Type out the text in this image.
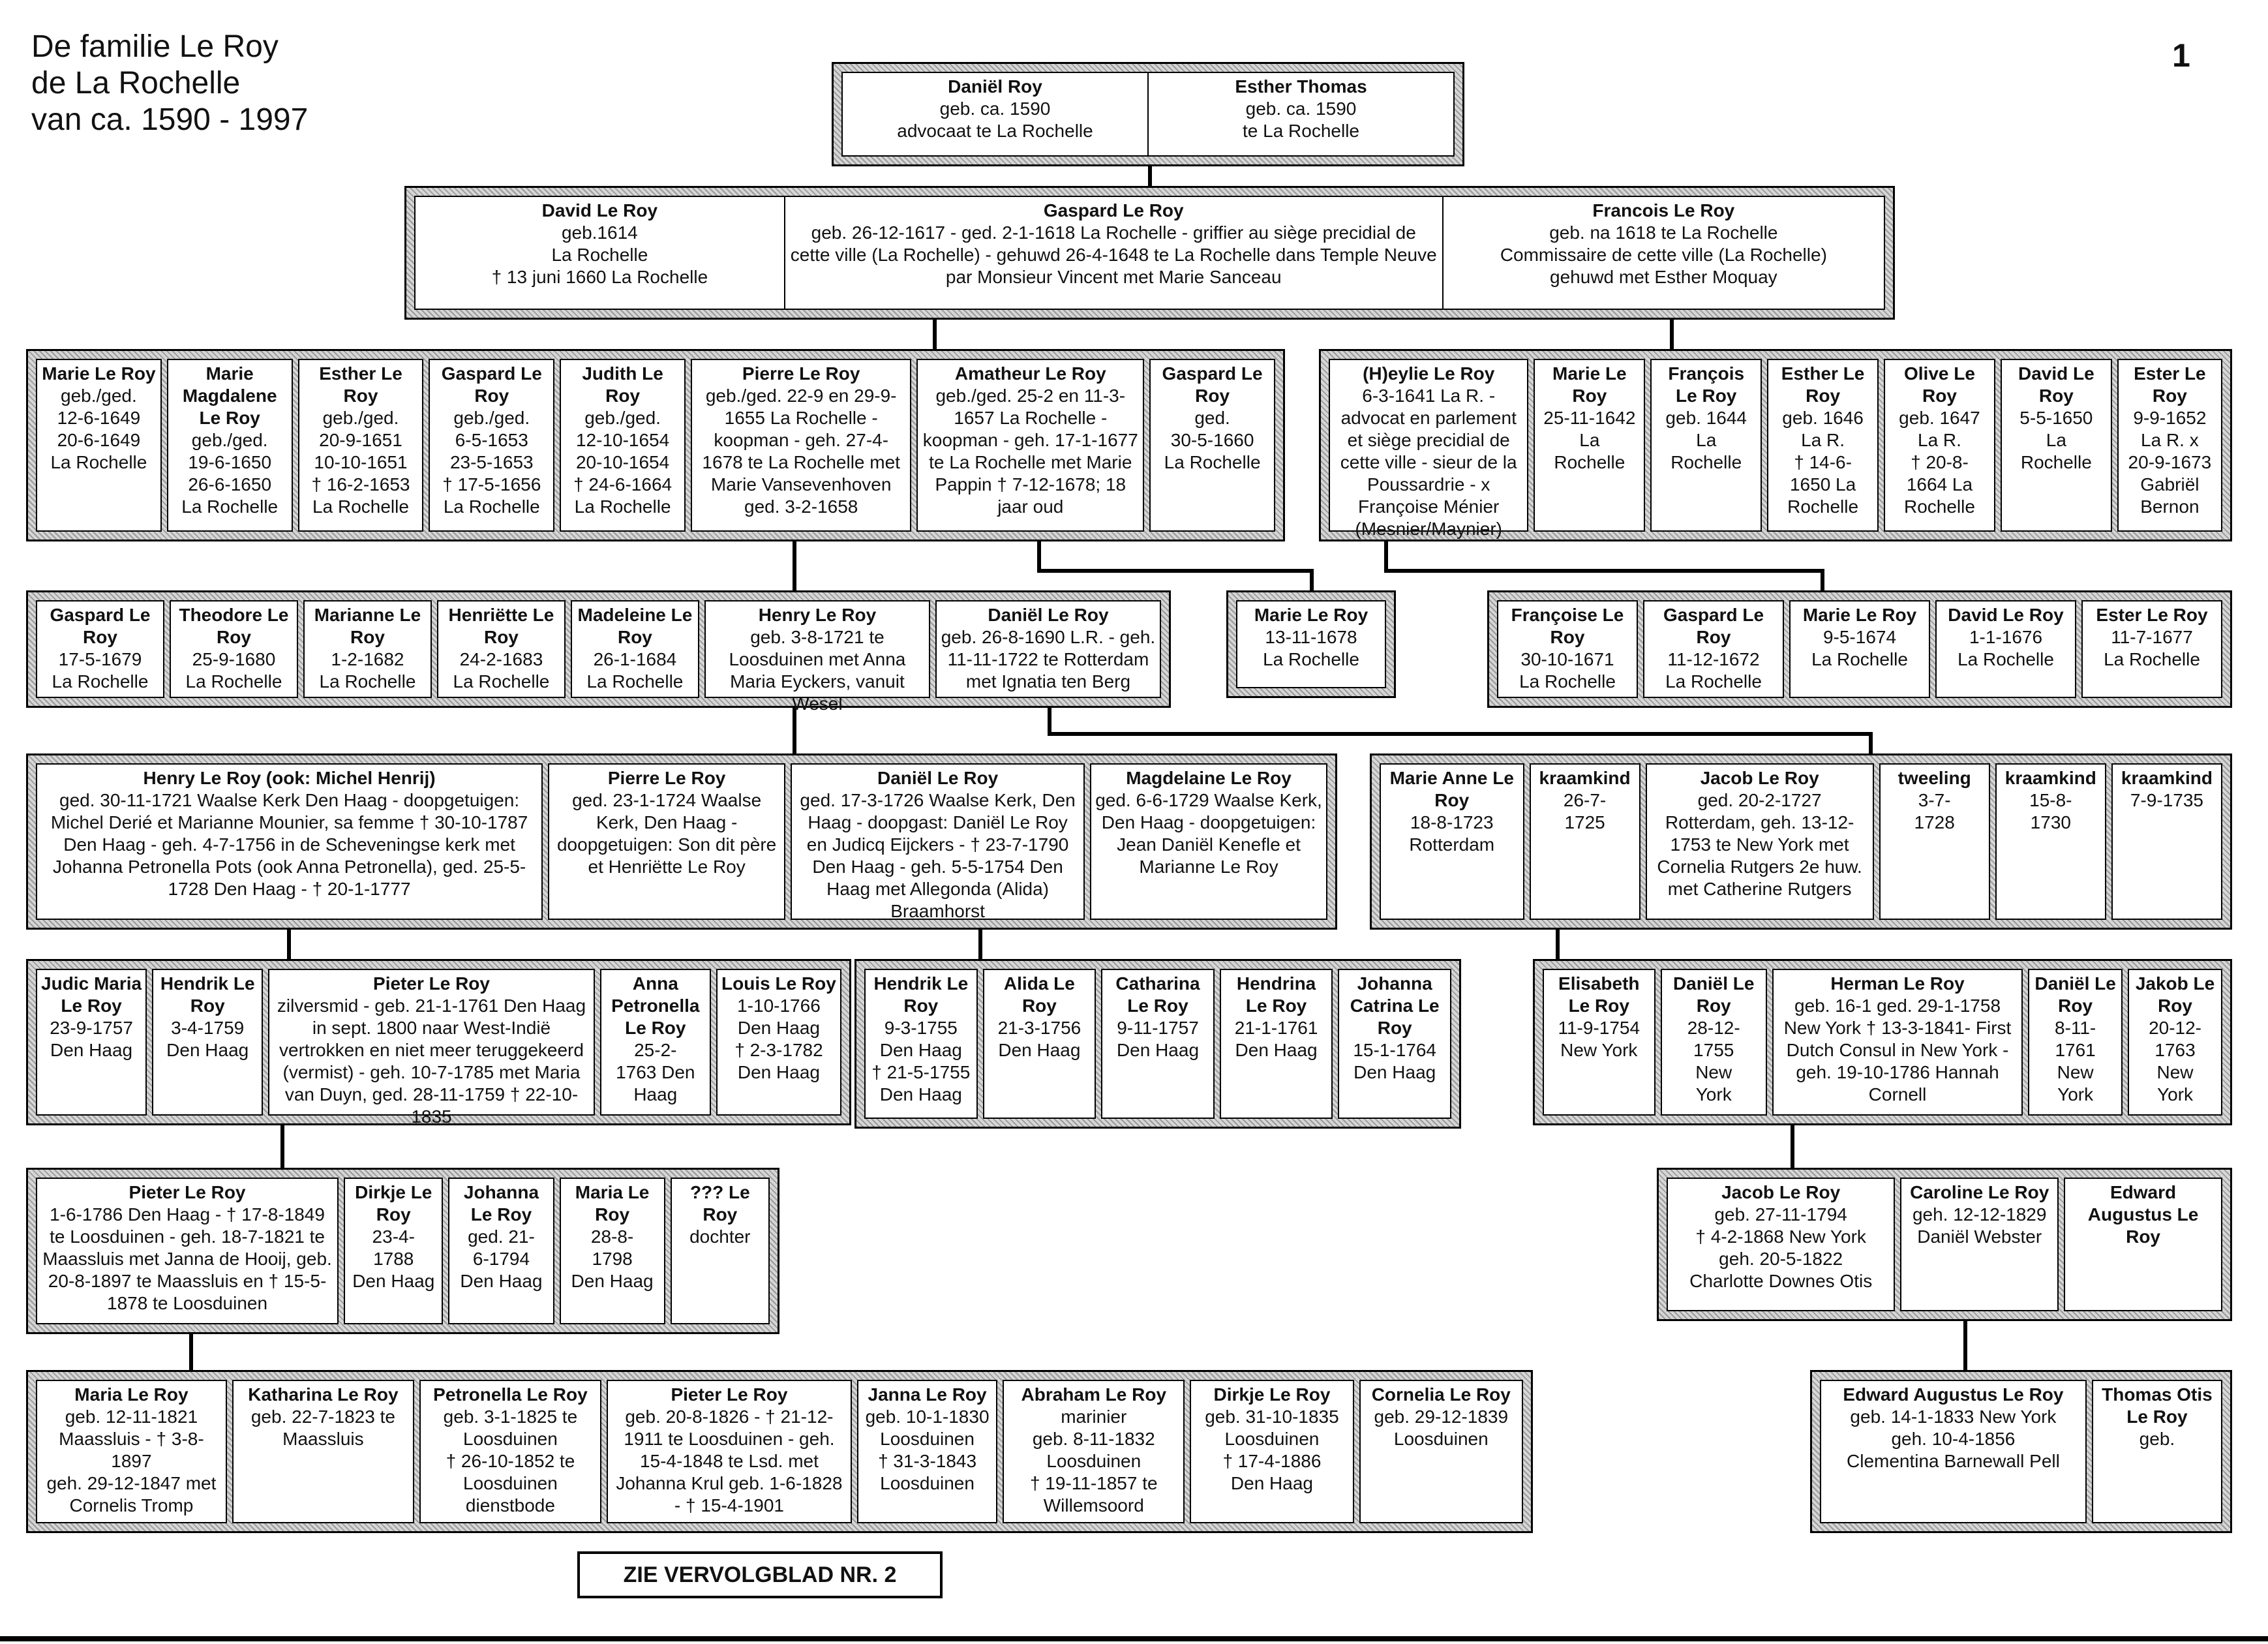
De familie Le Roy
de La Rochelle
van ca. 1590 - 1997
1
Daniël Roy
geb. ca. 1590
advocaat te La Rochelle
Esther Thomas
geb. ca. 1590
te La Rochelle
David Le Roy
geb.1614
La Rochelle
† 13 juni 1660 La Rochelle
Gaspard Le Roy
geb. 26-12-1617 - ged. 2-1-1618 La Rochelle - griffier au siège precidial de cette ville (La Rochelle) - gehuwd 26-4-1648 te La Rochelle dans Temple Neuve par Monsieur Vincent met Marie Sanceau
Francois Le Roy
geb. na 1618 te La Rochelle
Commissaire de cette ville (La Rochelle)
gehuwd met Esther Moquay
Marie Le Roy
geb./ged.
12-6-1649
20-6-1649
La Rochelle
Marie Magdalene Le Roy
geb./ged.
19-6-1650
26-6-1650
La Rochelle
Esther Le Roy
geb./ged.
20-9-1651
10-10-1651
† 16-2-1653
La Rochelle
Gaspard Le Roy
geb./ged.
6-5-1653
23-5-1653
† 17-5-1656
La Rochelle
Judith Le Roy
geb./ged.
12-10-1654
20-10-1654
† 24-6-1664
La Rochelle
Pierre Le Roy
geb./ged. 22-9 en 29-9-1655 La Rochelle - koopman - geh. 27-4-1678 te La Rochelle met Marie Vansevenhoven ged. 3-2-1658
Amatheur Le Roy
geb./ged. 25-2 en 11-3-1657 La Rochelle - koopman - geh. 17-1-1677 te La Rochelle met Marie Pappin † 7-12-1678; 18 jaar oud
Gaspard Le Roy
ged.
30-5-1660
La Rochelle
(H)eylie Le Roy
6-3-1641 La R. - advocat en parlement et siège precidial de cette ville - sieur de la Poussardrie - x Françoise Ménier (Mesnier/Maynier)
Marie Le Roy
25-11-1642
La
Rochelle
François Le Roy
geb. 1644
La
Rochelle
Esther Le Roy
geb. 1646
La R.
† 14-6-
1650 La
Rochelle
Olive Le Roy
geb. 1647
La R.
† 20-8-
1664 La
Rochelle
David Le Roy
5-5-1650
La
Rochelle
Ester Le Roy
9-9-1652
La R. x
20-9-1673
Gabriël Bernon
Gaspard Le Roy
17-5-1679
La Rochelle
Theodore Le Roy
25-9-1680
La Rochelle
Marianne Le Roy
1-2-1682
La Rochelle
Henriëtte Le Roy
24-2-1683
La Rochelle
Madeleine Le Roy
26-1-1684
La Rochelle
Henry Le Roy
geb. 3-8-1721 te Loosduinen met Anna Maria Eyckers, vanuit Wesel
Daniël Le Roy
geb. 26-8-1690 L.R. - geh. 11-11-1722 te Rotterdam met Ignatia ten Berg
Marie Le Roy
13-11-1678
La Rochelle
Françoise Le Roy
30-10-1671
La Rochelle
Gaspard Le Roy
11-12-1672
La Rochelle
Marie Le Roy
9-5-1674
La Rochelle
David Le Roy
1-1-1676
La Rochelle
Ester Le Roy
11-7-1677
La Rochelle
Henry Le Roy (ook: Michel Henrij)
ged. 30-11-1721 Waalse Kerk Den Haag - doopgetuigen: Michel Derié et Marianne Mounier, sa femme † 30-10-1787 Den Haag - geh. 4-7-1756 in de Scheveningse kerk met Johanna Petronella Pots (ook Anna Petronella), ged. 25-5-1728 Den Haag - † 20-1-1777
Pierre Le Roy
ged. 23-1-1724 Waalse Kerk, Den Haag - doopgetuigen: Son dit père et Henriëtte Le Roy
Daniël Le Roy
ged. 17-3-1726 Waalse Kerk, Den Haag - doopgast: Daniël Le Roy en Judicq Eijckers - † 23-7-1790 Den Haag - geh. 5-5-1754 Den Haag met Allegonda (Alida) Braamhorst
Magdelaine Le Roy
ged. 6-6-1729 Waalse Kerk, Den Haag - doopgetuigen: Jean Daniël Kenefle et Marianne Le Roy
Marie Anne Le Roy
18-8-1723
Rotterdam
kraamkind
26-7-
1725
Jacob Le Roy
ged. 20-2-1727 Rotterdam, geh. 13-12-1753 te New York met Cornelia Rutgers 2e huw. met Catherine Rutgers
tweeling
3-7-
1728
kraamkind
15-8-
1730
kraamkind
7-9-1735
Judic Maria Le Roy
23-9-1757
Den Haag
Hendrik Le Roy
3-4-1759
Den Haag
Pieter Le Roy
zilversmid - geb. 21-1-1761 Den Haag in sept. 1800 naar West-Indië vertrokken en niet meer teruggekeerd (vermist) - geh. 10-7-1785 met Maria van Duyn, ged. 28-11-1759 † 22-10-1835
Anna Petronella Le Roy
25-2-
1763 Den
Haag
Louis Le Roy
1-10-1766
Den Haag
† 2-3-1782
Den Haag
Hendrik Le Roy
9-3-1755
Den Haag
† 21-5-1755
Den Haag
Alida Le Roy
21-3-1756
Den Haag
Catharina Le Roy
9-11-1757
Den Haag
Hendrina Le Roy
21-1-1761
Den Haag
Johanna Catrina Le Roy
15-1-1764
Den Haag
Elisabeth Le Roy
11-9-1754
New York
Daniël Le Roy
28-12-
1755
New
York
Herman Le Roy
geb. 16-1 ged. 29-1-1758 New York † 13-3-1841- First Dutch Consul in New York - geh. 19-10-1786 Hannah Cornell
Daniël Le Roy
8-11-
1761
New
York
Jakob Le Roy
20-12-
1763
New
York
Pieter Le Roy
1-6-1786 Den Haag - † 17-8-1849 te Loosduinen - geh. 18-7-1821 te Maassluis met Janna de Hooij, geb. 20-8-1897 te Maassluis en † 15-5-1878 te Loosduinen
Dirkje Le Roy
23-4-
1788
Den Haag
Johanna Le Roy
ged. 21-
6-1794
Den Haag
Maria Le Roy
28-8-
1798
Den Haag
??? Le Roy
dochter
Jacob Le Roy
geb. 27-11-1794
† 4-2-1868 New York
geh. 20-5-1822
Charlotte Downes Otis
Caroline Le Roy
geh. 12-12-1829
Daniël Webster
Edward Augustus Le Roy
Maria Le Roy
geb. 12-11-1821
Maassluis - † 3-8-1897
geh. 29-12-1847 met
Cornelis Tromp
Katharina Le Roy
geb. 22-7-1823 te
Maassluis
Petronella Le Roy
geb. 3-1-1825 te
Loosduinen
† 26-10-1852 te
Loosduinen
dienstbode
Pieter Le Roy
geb. 20-8-1826 - † 21-12-1911 te Loosduinen - geh. 15-4-1848 te Lsd. met Johanna Krul geb. 1-6-1828 - † 15-4-1901
Janna Le Roy
geb. 10-1-1830
Loosduinen
† 31-3-1843
Loosduinen
Abraham Le Roy
marinier
geb. 8-11-1832
Loosduinen
† 19-11-1857 te
Willemsoord
Dirkje Le Roy
geb. 31-10-1835
Loosduinen
† 17-4-1886
Den Haag
Cornelia Le Roy
geb. 29-12-1839
Loosduinen
Edward Augustus Le Roy
geb. 14-1-1833 New York
geh. 10-4-1856
Clementina Barnewall Pell
Thomas Otis Le Roy
geb.
ZIE VERVOLGBLAD NR. 2
